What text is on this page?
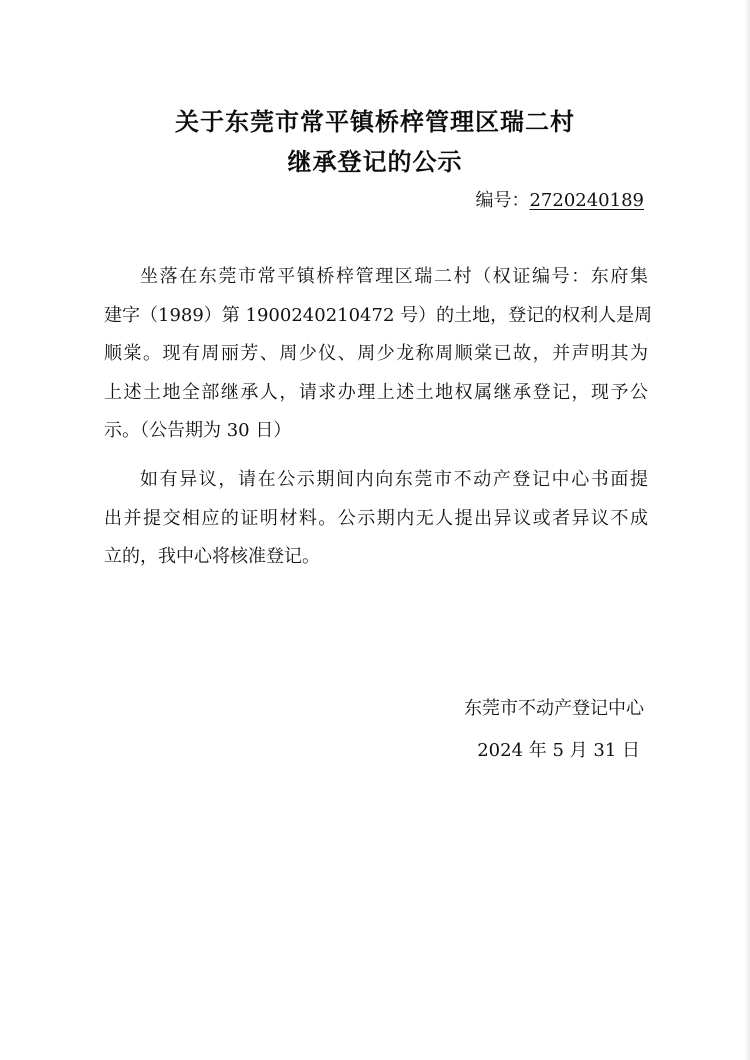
关于东莞市常平镇桥梓管理区瑞二村
继承登记的公示
编号：2720240189
坐落在东莞市常平镇桥梓管理区瑞二村（权证编号：东府集
建字（1989）第 1900240210472 号）的土地，登记的权利人是周
顺棠。现有周丽芳、周少仪、周少龙称周顺棠已故，并声明其为
上述土地全部继承人，请求办理上述土地权属继承登记，现予公
示。（公告期为 30 日）
如有异议，请在公示期间内向东莞市不动产登记中心书面提
出并提交相应的证明材料。公示期内无人提出异议或者异议不成
立的，我中心将核准登记。
东莞市不动产登记中心
2024 年 5 月 31 日
